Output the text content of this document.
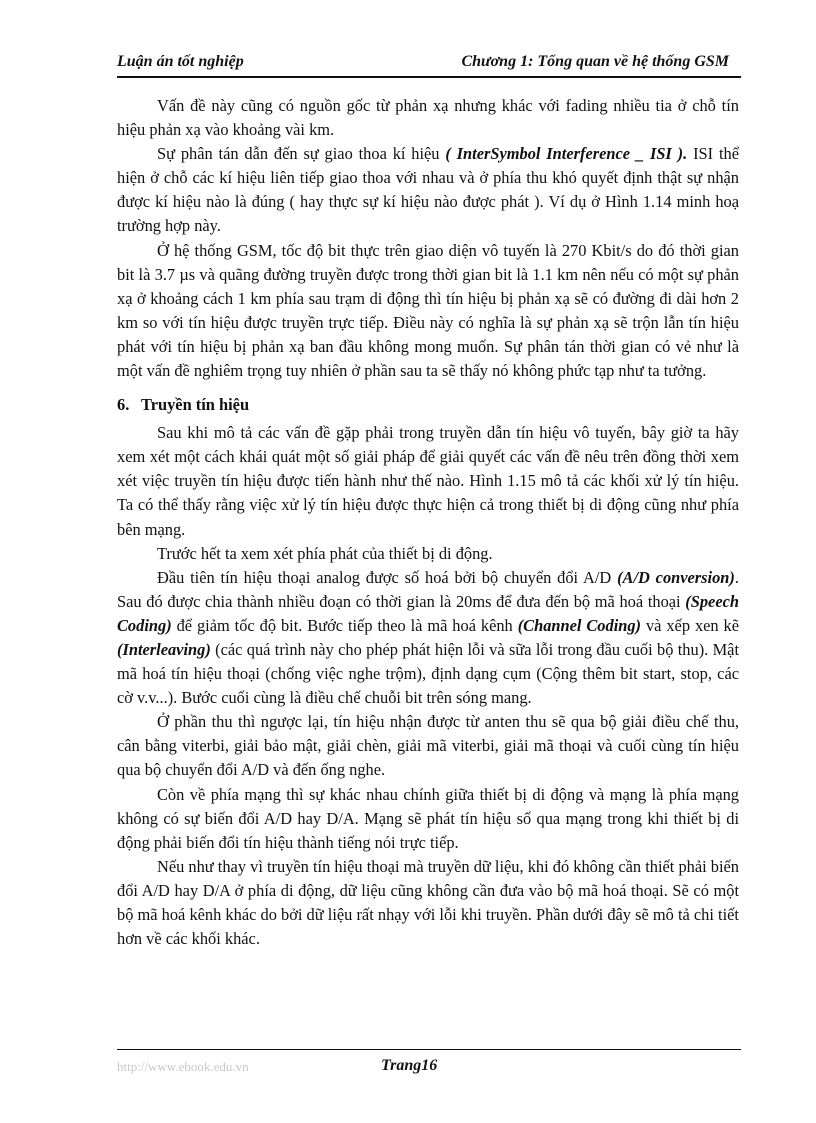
Luận án tốt nghiệp	Chương 1: Tổng quan về hệ thống GSM

Vấn đề này cũng có nguồn gốc từ phản xạ nhưng khác với fading nhiều tia ở chỗ tín hiệu phản xạ vào khoảng vài km.

Sự phân tán dẫn đến sự giao thoa kí hiệu ( InterSymbol Interference _ ISI ). ISI thể hiện ở chỗ các kí hiệu liên tiếp giao thoa với nhau và ở phía thu khó quyết định thật sự nhận được kí hiệu nào là đúng ( hay thực sự kí hiệu nào được phát ). Ví dụ ở Hình 1.14 minh hoạ trường hợp này.

Ở hệ thống GSM, tốc độ bit thực trên giao diện vô tuyến là 270 Kbit/s do đó thời gian bit là 3.7 µs và quãng đường truyền được trong thời gian bit là 1.1 km nên nếu có một sự phản xạ ở khoảng cách 1 km phía sau trạm di động thì tín hiệu bị phản xạ sẽ có đường đi dài hơn 2 km so với tín hiệu được truyền trực tiếp. Điều này có nghĩa là sự phản xạ sẽ trộn lẫn tín hiệu phát với tín hiệu bị phản xạ ban đầu không mong muốn. Sự phân tán thời gian có vẻ như là một vấn đề nghiêm trọng tuy nhiên ở phần sau ta sẽ thấy nó không phức tạp như ta tưởng.

6. Truyền tín hiệu

Sau khi mô tả các vấn đề gặp phải trong truyền dẫn tín hiệu vô tuyến, bây giờ ta hãy xem xét một cách khái quát một số giải pháp để giải quyết các vấn đề nêu trên đồng thời xem xét việc truyền tín hiệu được tiến hành như thế nào. Hình 1.15 mô tả các khối xử lý tín hiệu. Ta có thể thấy rằng việc xử lý tín hiệu được thực hiện cả trong thiết bị di động cũng như phía bên mạng.

Trước hết ta xem xét phía phát của thiết bị di động.

Đầu tiên tín hiệu thoại analog được số hoá bởi bộ chuyển đổi A/D (A/D conversion). Sau đó được chia thành nhiều đoạn có thời gian là 20ms để đưa đến bộ mã hoá thoại (Speech Coding) để giảm tốc độ bit. Bước tiếp theo là mã hoá kênh (Channel Coding) và xếp xen kẽ (Interleaving) (các quá trình này cho phép phát hiện lỗi và sữa lỗi trong đầu cuối bộ thu). Mật mã hoá tín hiệu thoại (chống việc nghe trộm), định dạng cụm (Cộng thêm bit start, stop, các cờ v.v...). Bước cuối cùng là điều chế chuỗi bit trên sóng mang.

Ở phần thu thì ngược lại, tín hiệu nhận được từ anten thu sẽ qua bộ giải điều chế thu, cân bằng viterbi, giải bảo mật, giải chèn, giải mã viterbi, giải mã thoại và cuối cùng tín hiệu qua bộ chuyển đổi A/D và đến ống nghe.

Còn về phía mạng thì sự khác nhau chính giữa thiết bị di động và mạng là phía mạng không có sự biến đổi A/D hay D/A. Mạng sẽ phát tín hiệu số qua mạng trong khi thiết bị di động phải biến đổi tín hiệu thành tiếng nói trực tiếp.

Nếu như thay vì truyền tín hiệu thoại mà truyền dữ liệu, khi đó không cần thiết phải biến đổi A/D hay D/A ở phía di động, dữ liệu cũng không cần đưa vào bộ mã hoá thoại. Sẽ có một bộ mã hoá kênh khác do bởi dữ liệu rất nhạy với lỗi khi truyền. Phần dưới đây sẽ mô tả chi tiết hơn về các khối khác.

http://www.ebook.edu.vn	Trang16
